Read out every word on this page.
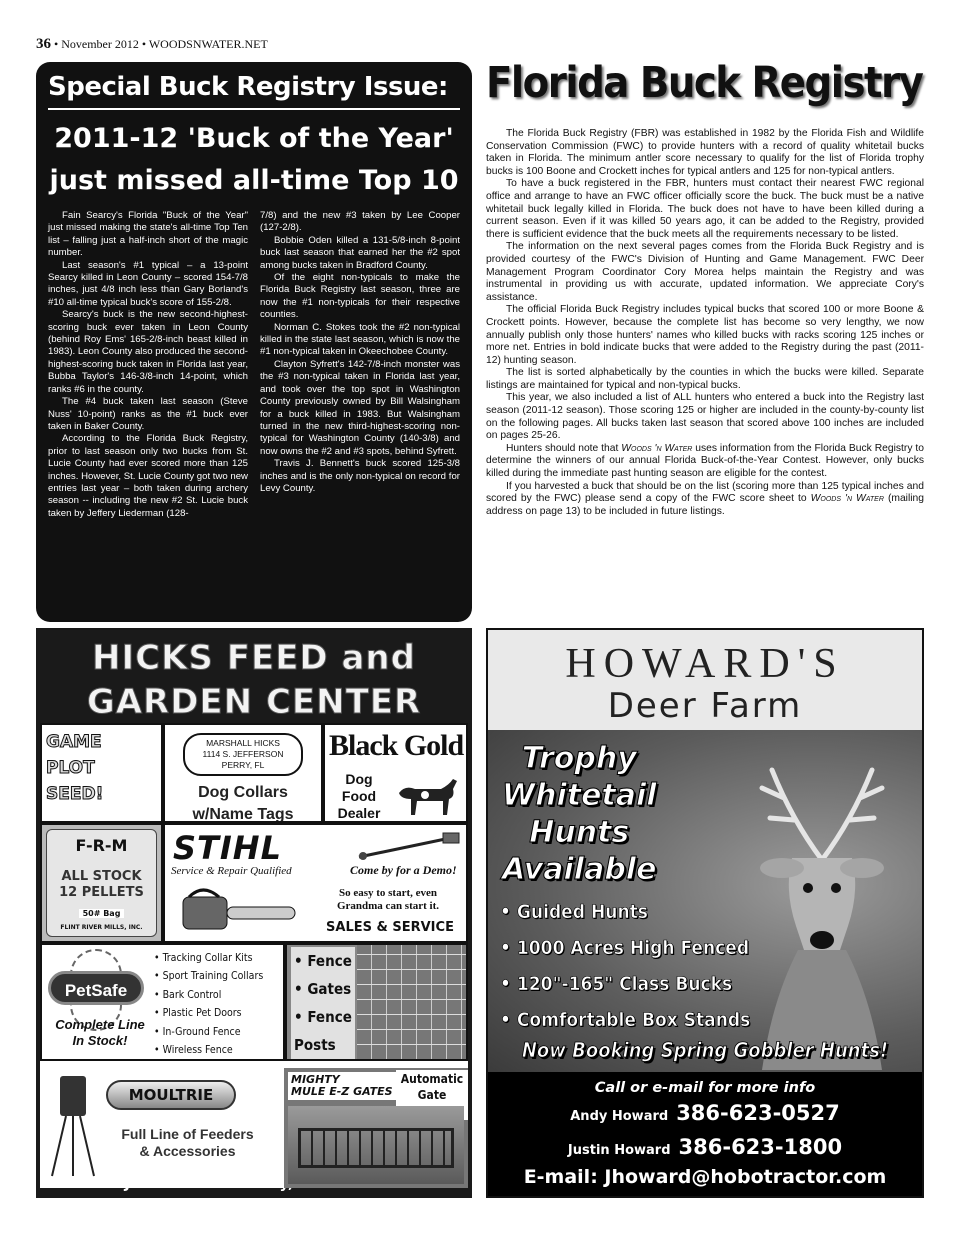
36 • November 2012 • WOODSNWATER.NET
Special Buck Registry Issue:
2011-12 'Buck of the Year'
just missed all-time Top 10

Fain Searcy's Florida "Buck of the Year" just missed making the state's all-time Top Ten list – falling just a half-inch short of the magic number.

Last season's #1 typical – a 13-point Searcy killed in Leon County – scored 154-7/8 inches, just 4/8 inch less than Gary Borland's #10 all-time typical buck's score of 155-2/8.

Searcy's buck is the new second-highest-scoring buck ever taken in Leon County (behind Roy Ems' 165-2/8-inch beast killed in 1983). Leon County also produced the second-highest-scoring buck taken in Florida last year, Bubba Taylor's 146-3/8-inch 14-point, which ranks #6 in the county.

The #4 buck taken last season (Steve Nuss' 10-point) ranks as the #1 buck ever taken in Baker County.

According to the Florida Buck Registry, prior to last season only two bucks from St. Lucie County had ever scored more than 125 inches. However, St. Lucie County got two new entries last year – both taken during archery season -- including the new #2 St. Lucie buck taken by Jeffery Liederman (128-

7/8) and the new #3 taken by Lee Cooper (127-2/8).

Bobbie Oden killed a 131-5/8-inch 8-point buck last season that earned her the #2 spot among bucks taken in Bradford County.

Of the eight non-typicals to make the Florida Buck Registry last season, three are now the #1 non-typicals for their respective counties.

Norman C. Stokes took the #2 non-typical killed in the state last season, which is now the #1 non-typical taken in Okeechobee County.

Clayton Syfrett's 142-7/8-inch monster was the #3 non-typical taken in Florida last year, and took over the top spot in Washington County previously owned by Bill Walsingham for a buck killed in 1983. But Walsingham turned in the new third-highest-scoring non-typical for Washington County (140-3/8) and now owns the #2 and #3 spots, behind Syfrett.

Travis J. Bennett's buck scored 125-3/8 inches and is the only non-typical on record for Levy County.

Florida Buck Registry

The Florida Buck Registry (FBR) was established in 1982 by the Florida Fish and Wildlife Conservation Commission (FWC) to provide hunters with a record of quality whitetail bucks taken in Florida. The minimum antler score necessary to qualify for the list of Florida trophy bucks is 100 Boone and Crockett inches for typical antlers and 125 for non-typical antlers.

To have a buck registered in the FBR, hunters must contact their nearest FWC regional office and arrange to have an FWC officer officially score the buck. The buck must be a native whitetail buck legally killed in Florida. The buck does not have to have been killed during a current season. Even if it was killed 50 years ago, it can be added to the Registry, provided there is sufficient evidence that the buck meets all the requirements necessary to be listed.

The information on the next several pages comes from the Florida Buck Registry and is provided courtesy of the FWC's Division of Hunting and Game Management. FWC Deer Management Program Coordinator Cory Morea helps maintain the Registry and was instrumental in providing us with accurate, updated information. We appreciate Cory's assistance.

The official Florida Buck Registry includes typical bucks that scored 100 or more Boone & Crockett points. However, because the complete list has become so very lengthy, we now annually publish only those hunters' names who killed bucks with racks scoring 125 inches or more net. Entries in bold indicate bucks that were added to the Registry during the past (2011-12) hunting season.

The list is sorted alphabetically by the counties in which the bucks were killed. Separate listings are maintained for typical and non-typical bucks.

This year, we also included a list of ALL hunters who entered a buck into the Registry last season (2011-12 season). Those scoring 125 or higher are included in the county-by-county list on the following pages. All bucks taken last season that scored above 100 inches are included on pages 25-26.

Hunters should note that Woods 'n Water uses information from the Florida Buck Registry to determine the winners of our annual Florida Buck-of-the-Year Contest. However, only bucks killed during the immediate past hunting season are eligible for the contest.

If you harvested a buck that should be on the list (scoring more than 125 typical inches and scored by the FWC) please send a copy of the FWC score sheet to Woods 'n Water (mailing address on page 13) to be included in future listings.

HICKS FEED and
GARDEN CENTER
GAME
PLOT
SEED!
MARSHALL HICKS
1114 S. JEFFERSON
PERRY, FL
Dog Collars
w/Name Tags
Black Gold
Dog
Food
Dealer
F-R-M
ALL STOCK
12 PELLETS
50# Bag
FLINT RIVER MILLS, INC.
STIHL
Service & Repair Qualified	Come by for a Demo!
So easy to start, even
Grandma can start it.
SALES & SERVICE
PetSafe
Complete Line
In Stock!
• Tracking Collar Kits
• Sport Training Collars
• Bark Control
• Plastic Pet Doors
• In-Ground Fence
• Wireless Fence
• Fence
• Gates
• Fence
Posts
MOULTRIE
Full Line of Feeders
& Accessories
MIGHTY
MULE E-Z GATES
Automatic
Gate
HOWARD'S
Deer Farm
Trophy
Whitetail
Hunts
Available
• Guided Hunts
• 1000 Acres High Fenced
• 120"-165" Class Bucks
• Comfortable Box Stands
Now Booking Spring Gobbler Hunts!
Call or e-mail for more info
Andy Howard 386-623-0527
Justin Howard 386-623-1800
E-mail: Jhoward@hobotractor.com
